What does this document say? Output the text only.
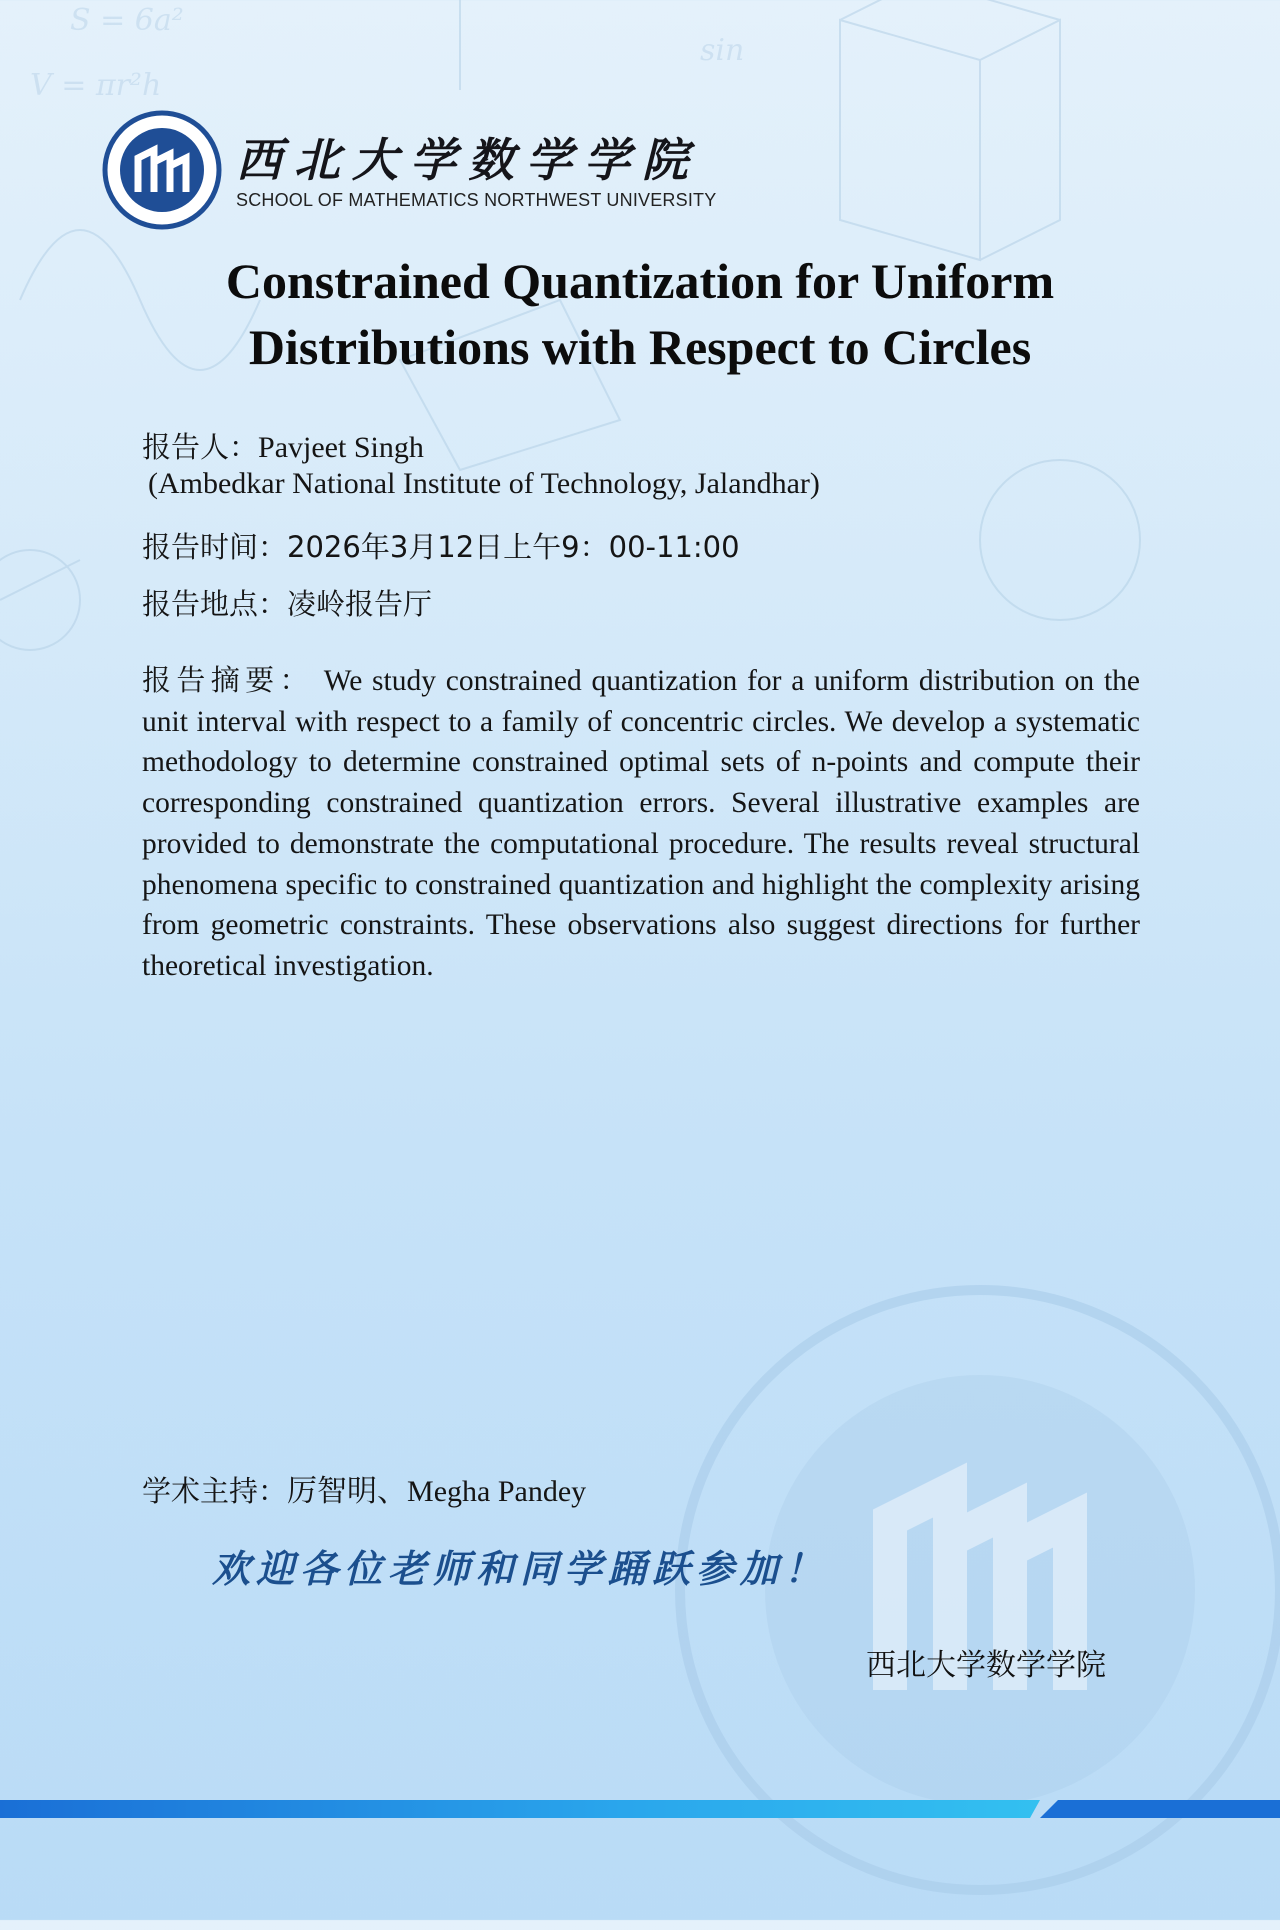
S = 6a²
V = πr²h
sin
西北大学数学学院
SCHOOL OF MATHEMATICS NORTHWEST UNIVERSITY
Constrained Quantization for Uniform
Distributions with Respect to Circles
报告人：Pavjeet Singh
(Ambedkar National Institute of Technology, Jalandhar)
报告时间：2026年3月12日上午9：00-11:00
报告地点：凌岭报告厅

报告摘要： We study constrained quantization for a uniform distribution on the unit interval with respect to a family of concentric circles. We develop a systematic methodology to determine constrained optimal sets of n-points and compute their corresponding constrained quantization errors. Several illustrative examples are provided to demonstrate the computational procedure. The results reveal structural phenomena specific to constrained quantization and highlight the complexity arising from geometric constraints. These observations also suggest directions for further theoretical investigation.

学术主持：厉智明、Megha Pandey
欢迎各位老师和同学踊跃参加！
西北大学数学学院
